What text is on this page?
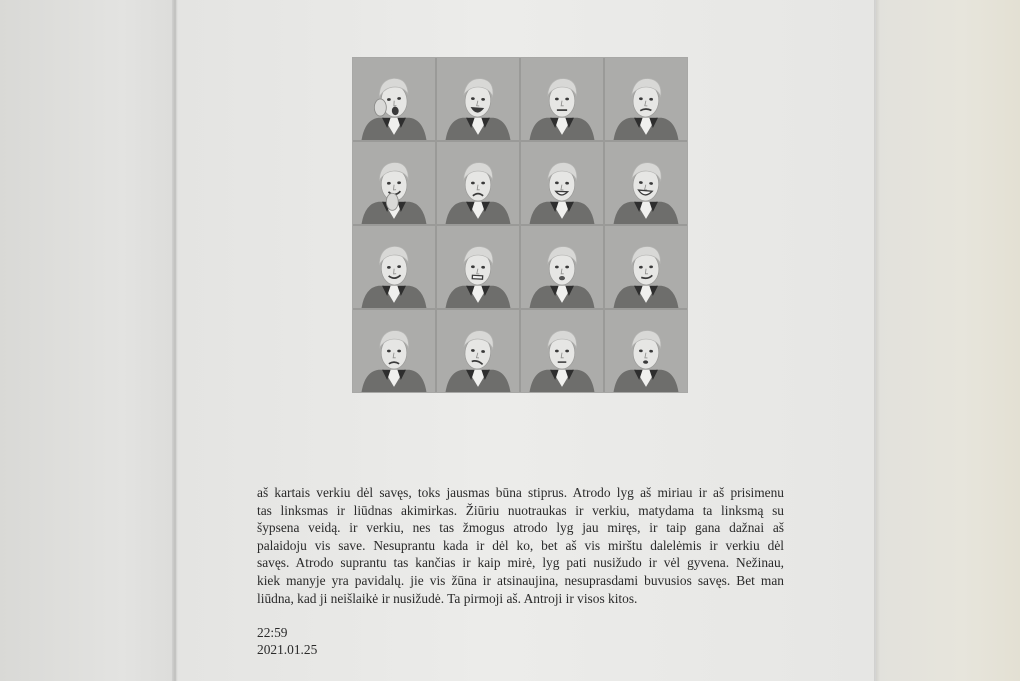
aš kartais verkiu dėl savęs, toks jausmas būna stiprus. Atrodo lyg aš miriau ir aš prisimenu
tas linksmas ir liūdnas akimirkas. Žiūriu nuotraukas ir verkiu, matydama ta linksmą su
šypsena veidą. ir verkiu, nes tas žmogus atrodo lyg jau miręs, ir taip gana dažnai aš
palaidoju vis save. Nesuprantu kada ir dėl ko, bet aš vis mirštu dalelėmis ir verkiu dėl
savęs. Atrodo suprantu tas kančias ir kaip mirė, lyg pati nusižudo ir vėl gyvena. Nežinau,
kiek manyje yra pavidalų. jie vis žūna ir atsinaujina, nesuprasdami buvusios savęs. Bet man
liūdna, kad ji neišlaikė ir nusižudė. Ta pirmoji aš. Antroji ir visos kitos.
22:59
2021.01.25
